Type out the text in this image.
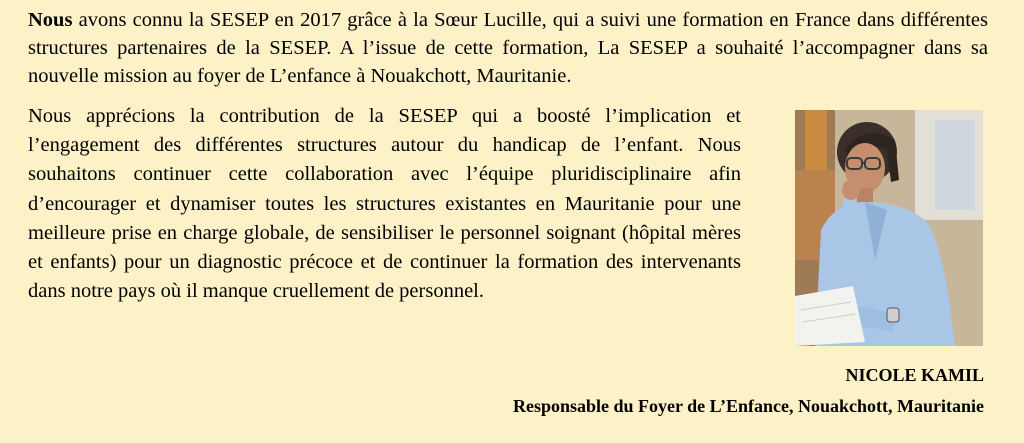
Nous avons connu la SESEP en 2017 grâce à la Sœur Lucille, qui a suivi une formation en France dans différentes structures partenaires de la SESEP. A l’issue de cette formation, La SESEP a souhaité l’accompagner dans sa nouvelle mission au foyer de L’enfance à Nouakchott, Mauritanie.

Nous apprécions la contribution de la SESEP qui a boosté l’implication et l’engagement des différentes structures autour du handicap de l’enfant. Nous souhaitons continuer cette collaboration avec l’équipe pluridisciplinaire afin d’encourager et dynamiser toutes les structures existantes en Mauritanie pour une meilleure prise en charge globale, de sensibiliser le personnel soignant (hôpital mères et enfants) pour un diagnostic précoce et de continuer la formation des intervenants dans notre pays où il manque cruellement de personnel.

NICOLE KAMIL
Responsable du Foyer de L’Enfance, Nouakchott, Mauritanie
